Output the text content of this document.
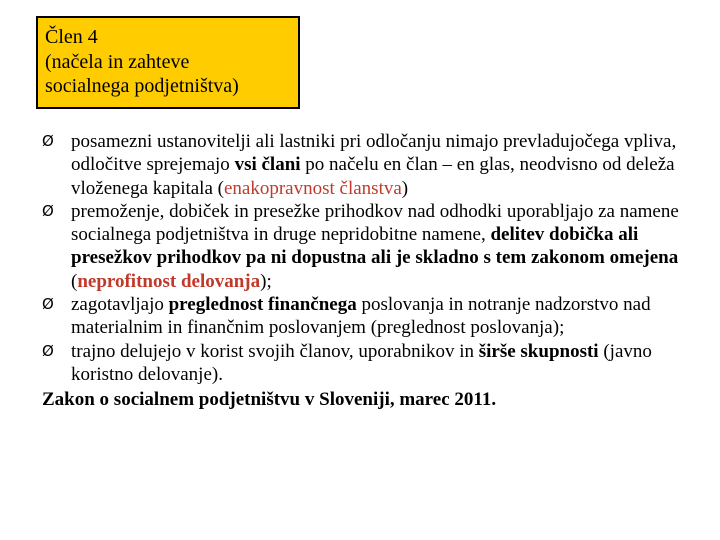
Člen 4
(načela in zahteve
socialnega podjetništva)
Ø posamezni ustanovitelji ali lastniki pri odločanju nimajo prevladujočega vpliva, odločitve sprejemajo vsi člani po načelu en član – en glas, neodvisno od deleža vloženega kapitala (enakopravnost članstva)
Ø premoženje, dobiček in presežke prihodkov nad odhodki uporabljajo za namene socialnega podjetništva in druge nepridobitne namene, delitev dobička ali presežkov prihodkov pa ni dopustna ali je skladno s tem zakonom omejena (neprofitnost delovanja);
Ø zagotavljajo preglednost finančnega poslovanja in notranje nadzorstvo nad materialnim in finančnim poslovanjem (preglednost poslovanja);
Ø trajno delujejo v korist svojih članov, uporabnikov in širše skupnosti (javno koristno delovanje).
Zakon o socialnem podjetništvu v Sloveniji, marec 2011.
